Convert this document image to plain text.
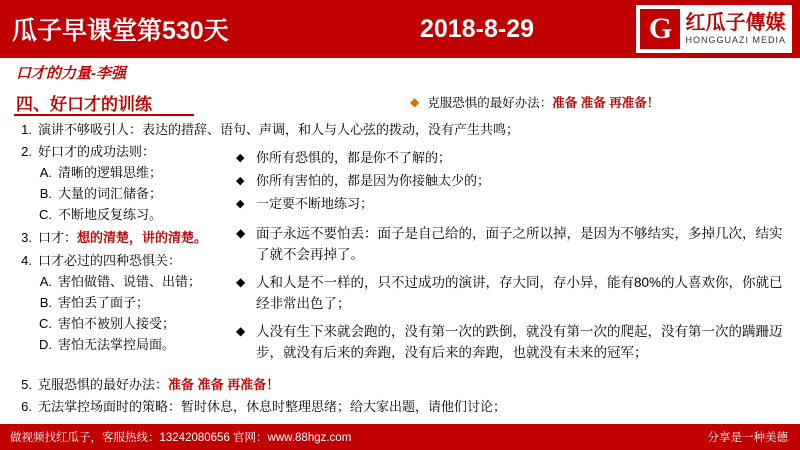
瓜子早课堂第530天	2018-8-29	G 红瓜子傳媒
HONGGUAZI MEDIA
口才的力量-李强
四、好口才的训练	◆ 克服恐惧的最好办法： 准备 准备 再准备！
1. 演讲不够吸引人：表达的措辞、语句、声调，和人与人心弦的拨动，没有产生共鸣；
2. 好口才的成功法则：
A. 清晰的逻辑思维；
B. 大量的词汇储备；
C. 不断地反复练习。
3. 口才：想的清楚，讲的清楚。
4. 口才必过的四种恐惧关：
A. 害怕做错、说错、出错；
B. 害怕丢了面子；
C. 害怕不被别人接受；
D. 害怕无法掌控局面。
5. 克服恐惧的最好办法：准备 准备 再准备！
6. 无法掌控场面时的策略：暂时休息，休息时整理思绪；给大家出题，请他们讨论；
◆ 你所有恐惧的，都是你不了解的；
◆ 你所有害怕的，都是因为你接触太少的；
◆ 一定要不断地练习；
◆ 面子永远不要怕丢：面子是自己给的，面子之所以掉，是因为不够结实，多掉几次，结实了就不会再掉了。
◆ 人和人是不一样的，只不过成功的演讲，存大同，存小异，能有80%的人喜欢你，你就已经非常出色了；
◆ 人没有生下来就会跑的，没有第一次的跌倒，就没有第一次的爬起，没有第一次的蹒跚迈步，就没有后来的奔跑，没有后来的奔跑，也就没有未来的冠军；
做视频找红瓜子，客服热线：13242080656 官网：www.88hgz.com	分享是一种美德
